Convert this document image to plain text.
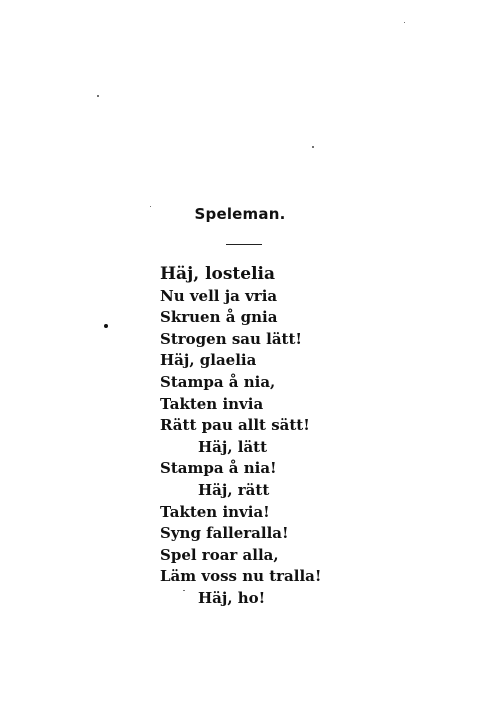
Speleman.
Häj, lostelia
Nu vell ja vria
Skruen å gnia
Strogen sau lätt!
Häj, glaelia
Stampa å nia,
Takten invia
Rätt pau allt sätt!
Häj, lätt
Stampa å nia!
Häj, rätt
Takten invia!
Syng falleralla!
Spel roar alla,
Läm voss nu tralla!
Häj, ho!
